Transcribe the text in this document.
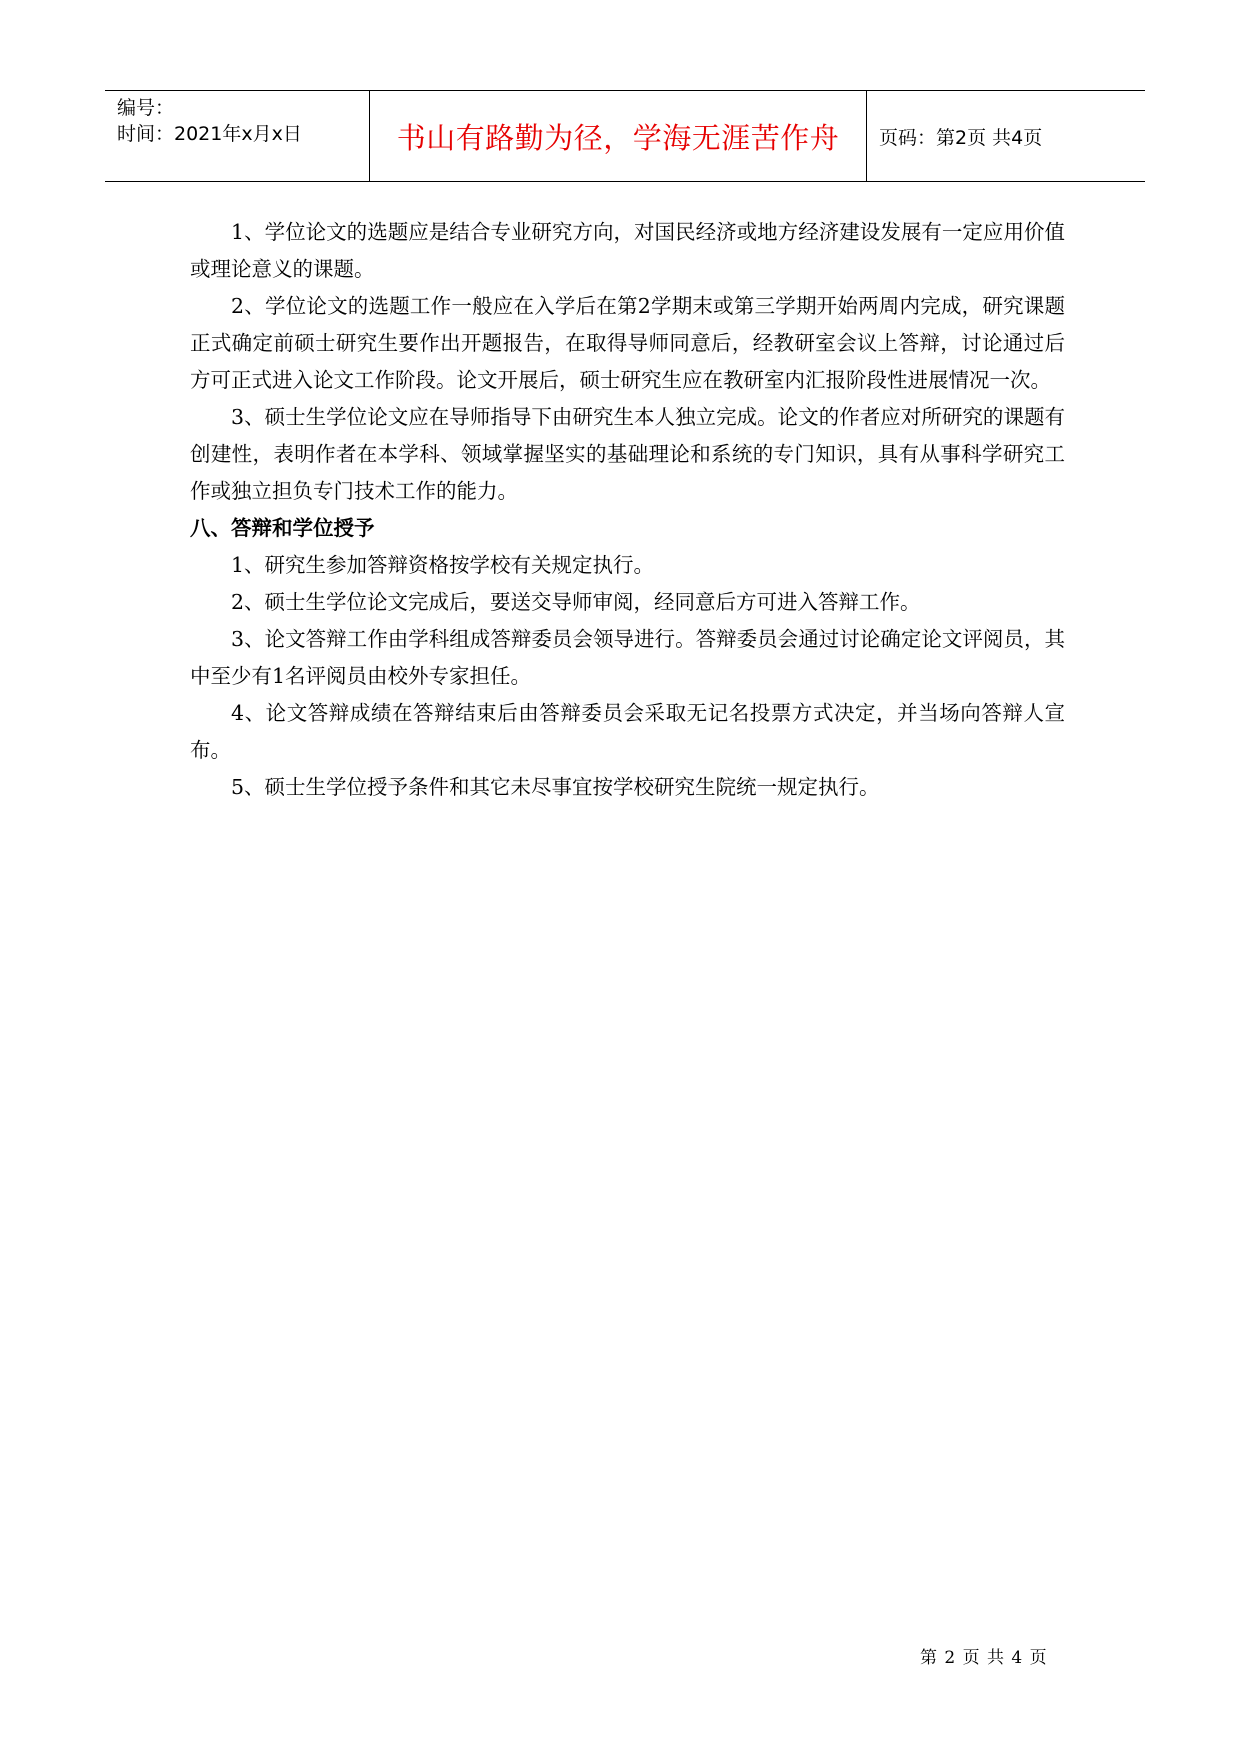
编号：
时间：2021年x月x日	书山有路勤为径，学海无涯苦作舟	页码：第2页 共4页

1、学位论文的选题应是结合专业研究方向，对国民经济或地方经济建设发展有一定应用价值或理论意义的课题。

2、学位论文的选题工作一般应在入学后在第2学期末或第三学期开始两周内完成，研究课题正式确定前硕士研究生要作出开题报告，在取得导师同意后，经教研室会议上答辩，讨论通过后方可正式进入论文工作阶段。论文开展后，硕士研究生应在教研室内汇报阶段性进展情况一次。

3、硕士生学位论文应在导师指导下由研究生本人独立完成。论文的作者应对所研究的课题有创建性，表明作者在本学科、领域掌握坚实的基础理论和系统的专门知识，具有从事科学研究工作或独立担负专门技术工作的能力。

八、答辩和学位授予

1、研究生参加答辩资格按学校有关规定执行。

2、硕士生学位论文完成后，要送交导师审阅，经同意后方可进入答辩工作。

3、论文答辩工作由学科组成答辩委员会领导进行。答辩委员会通过讨论确定论文评阅员，其中至少有1名评阅员由校外专家担任。

4、论文答辩成绩在答辩结束后由答辩委员会采取无记名投票方式决定，并当场向答辩人宣布。

5、硕士生学位授予条件和其它未尽事宜按学校研究生院统一规定执行。

第 2 页 共 4 页
